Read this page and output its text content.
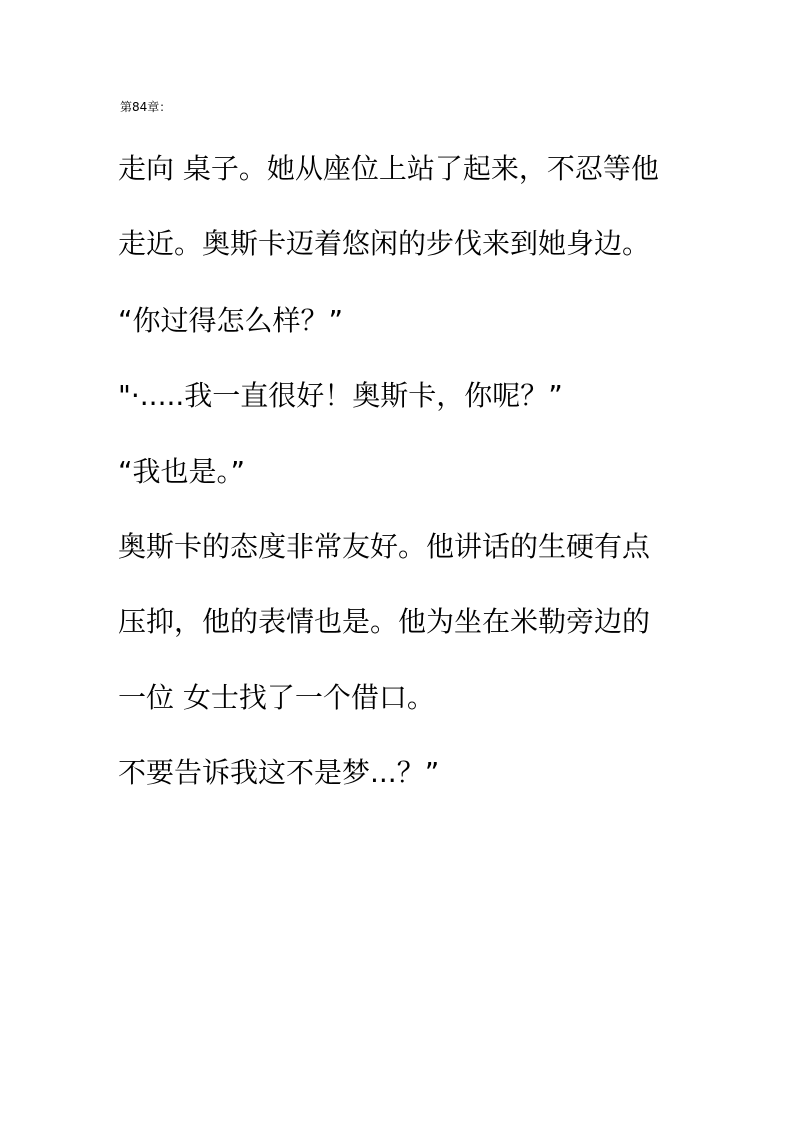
第84章：
走向 桌子。她从座位上站了起来，不忍等他
走近。奥斯卡迈着悠闲的步伐来到她身边。
“你过得怎么样？”
"·.....我一直很好！奥斯卡，你呢？”
“我也是。”
奥斯卡的态度非常友好。他讲话的生硬有点
压抑，他的表情也是。他为坐在米勒旁边的
一位 女士找了一个借口。
不要告诉我这不是梦...？”
